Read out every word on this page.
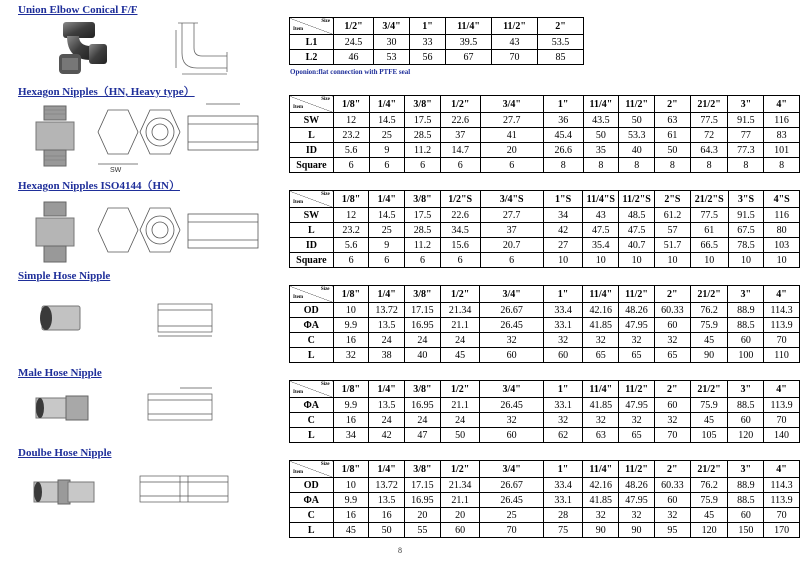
Union Elbow Conical F/F
Hexagon Nipples（HN, Heavy type）
Hexagon Nipples ISO4144（HN）
Simple Hose Nipple
Male Hose Nipple
Doulbe Hose Nipple
SW
Size
Item	1/2"	3/4"	1"	11/4"	11/2"	2"
L1	24.5	30	33	39.5	43	53.5
L2	46	53	56	67	70	85
Oponion:flat connection with PTFE seal
Size
Item	1/8"	1/4"	3/8"	1/2"	3/4"	1"	11/4"	11/2"	2"	21/2"	3"	4"
SW	12	14.5	17.5	22.6	27.7	36	43.5	50	63	77.5	91.5	116
L	23.2	25	28.5	37	41	45.4	50	53.3	61	72	77	83
ID	5.6	9	11.2	14.7	20	26.6	35	40	50	64.3	77.3	101
Square	6	6	6	6	6	8	8	8	8	8	8	8
Size
Item	1/8"	1/4"	3/8"	1/2"S	3/4"S	1"S	11/4"S	11/2"S	2"S	21/2"S	3"S	4"S
SW	12	14.5	17.5	22.6	27.7	34	43	48.5	61.2	77.5	91.5	116
L	23.2	25	28.5	34.5	37	42	47.5	47.5	57	61	67.5	80
ID	5.6	9	11.2	15.6	20.7	27	35.4	40.7	51.7	66.5	78.5	103
Square	6	6	6	6	6	10	10	10	10	10	10	10
Size
Item	1/8"	1/4"	3/8"	1/2"	3/4"	1"	11/4"	11/2"	2"	21/2"	3"	4"
OD	10	13.72	17.15	21.34	26.67	33.4	42.16	48.26	60.33	76.2	88.9	114.3
ΦA	9.9	13.5	16.95	21.1	26.45	33.1	41.85	47.95	60	75.9	88.5	113.9
C	16	24	24	24	32	32	32	32	32	45	60	70
L	32	38	40	45	60	60	65	65	65	90	100	110
Size
Item	1/8"	1/4"	3/8"	1/2"	3/4"	1"	11/4"	11/2"	2"	21/2"	3"	4"
ΦA	9.9	13.5	16.95	21.1	26.45	33.1	41.85	47.95	60	75.9	88.5	113.9
C	16	24	24	24	32	32	32	32	32	45	60	70
L	34	42	47	50	60	62	63	65	70	105	120	140
Size
Item	1/8"	1/4"	3/8"	1/2"	3/4"	1"	11/4"	11/2"	2"	21/2"	3"	4"
OD	10	13.72	17.15	21.34	26.67	33.4	42.16	48.26	60.33	76.2	88.9	114.3
ΦA	9.9	13.5	16.95	21.1	26.45	33.1	41.85	47.95	60	75.9	88.5	113.9
C	16	16	20	20	25	28	32	32	32	45	60	70
L	45	50	55	60	70	75	90	90	95	120	150	170
8
